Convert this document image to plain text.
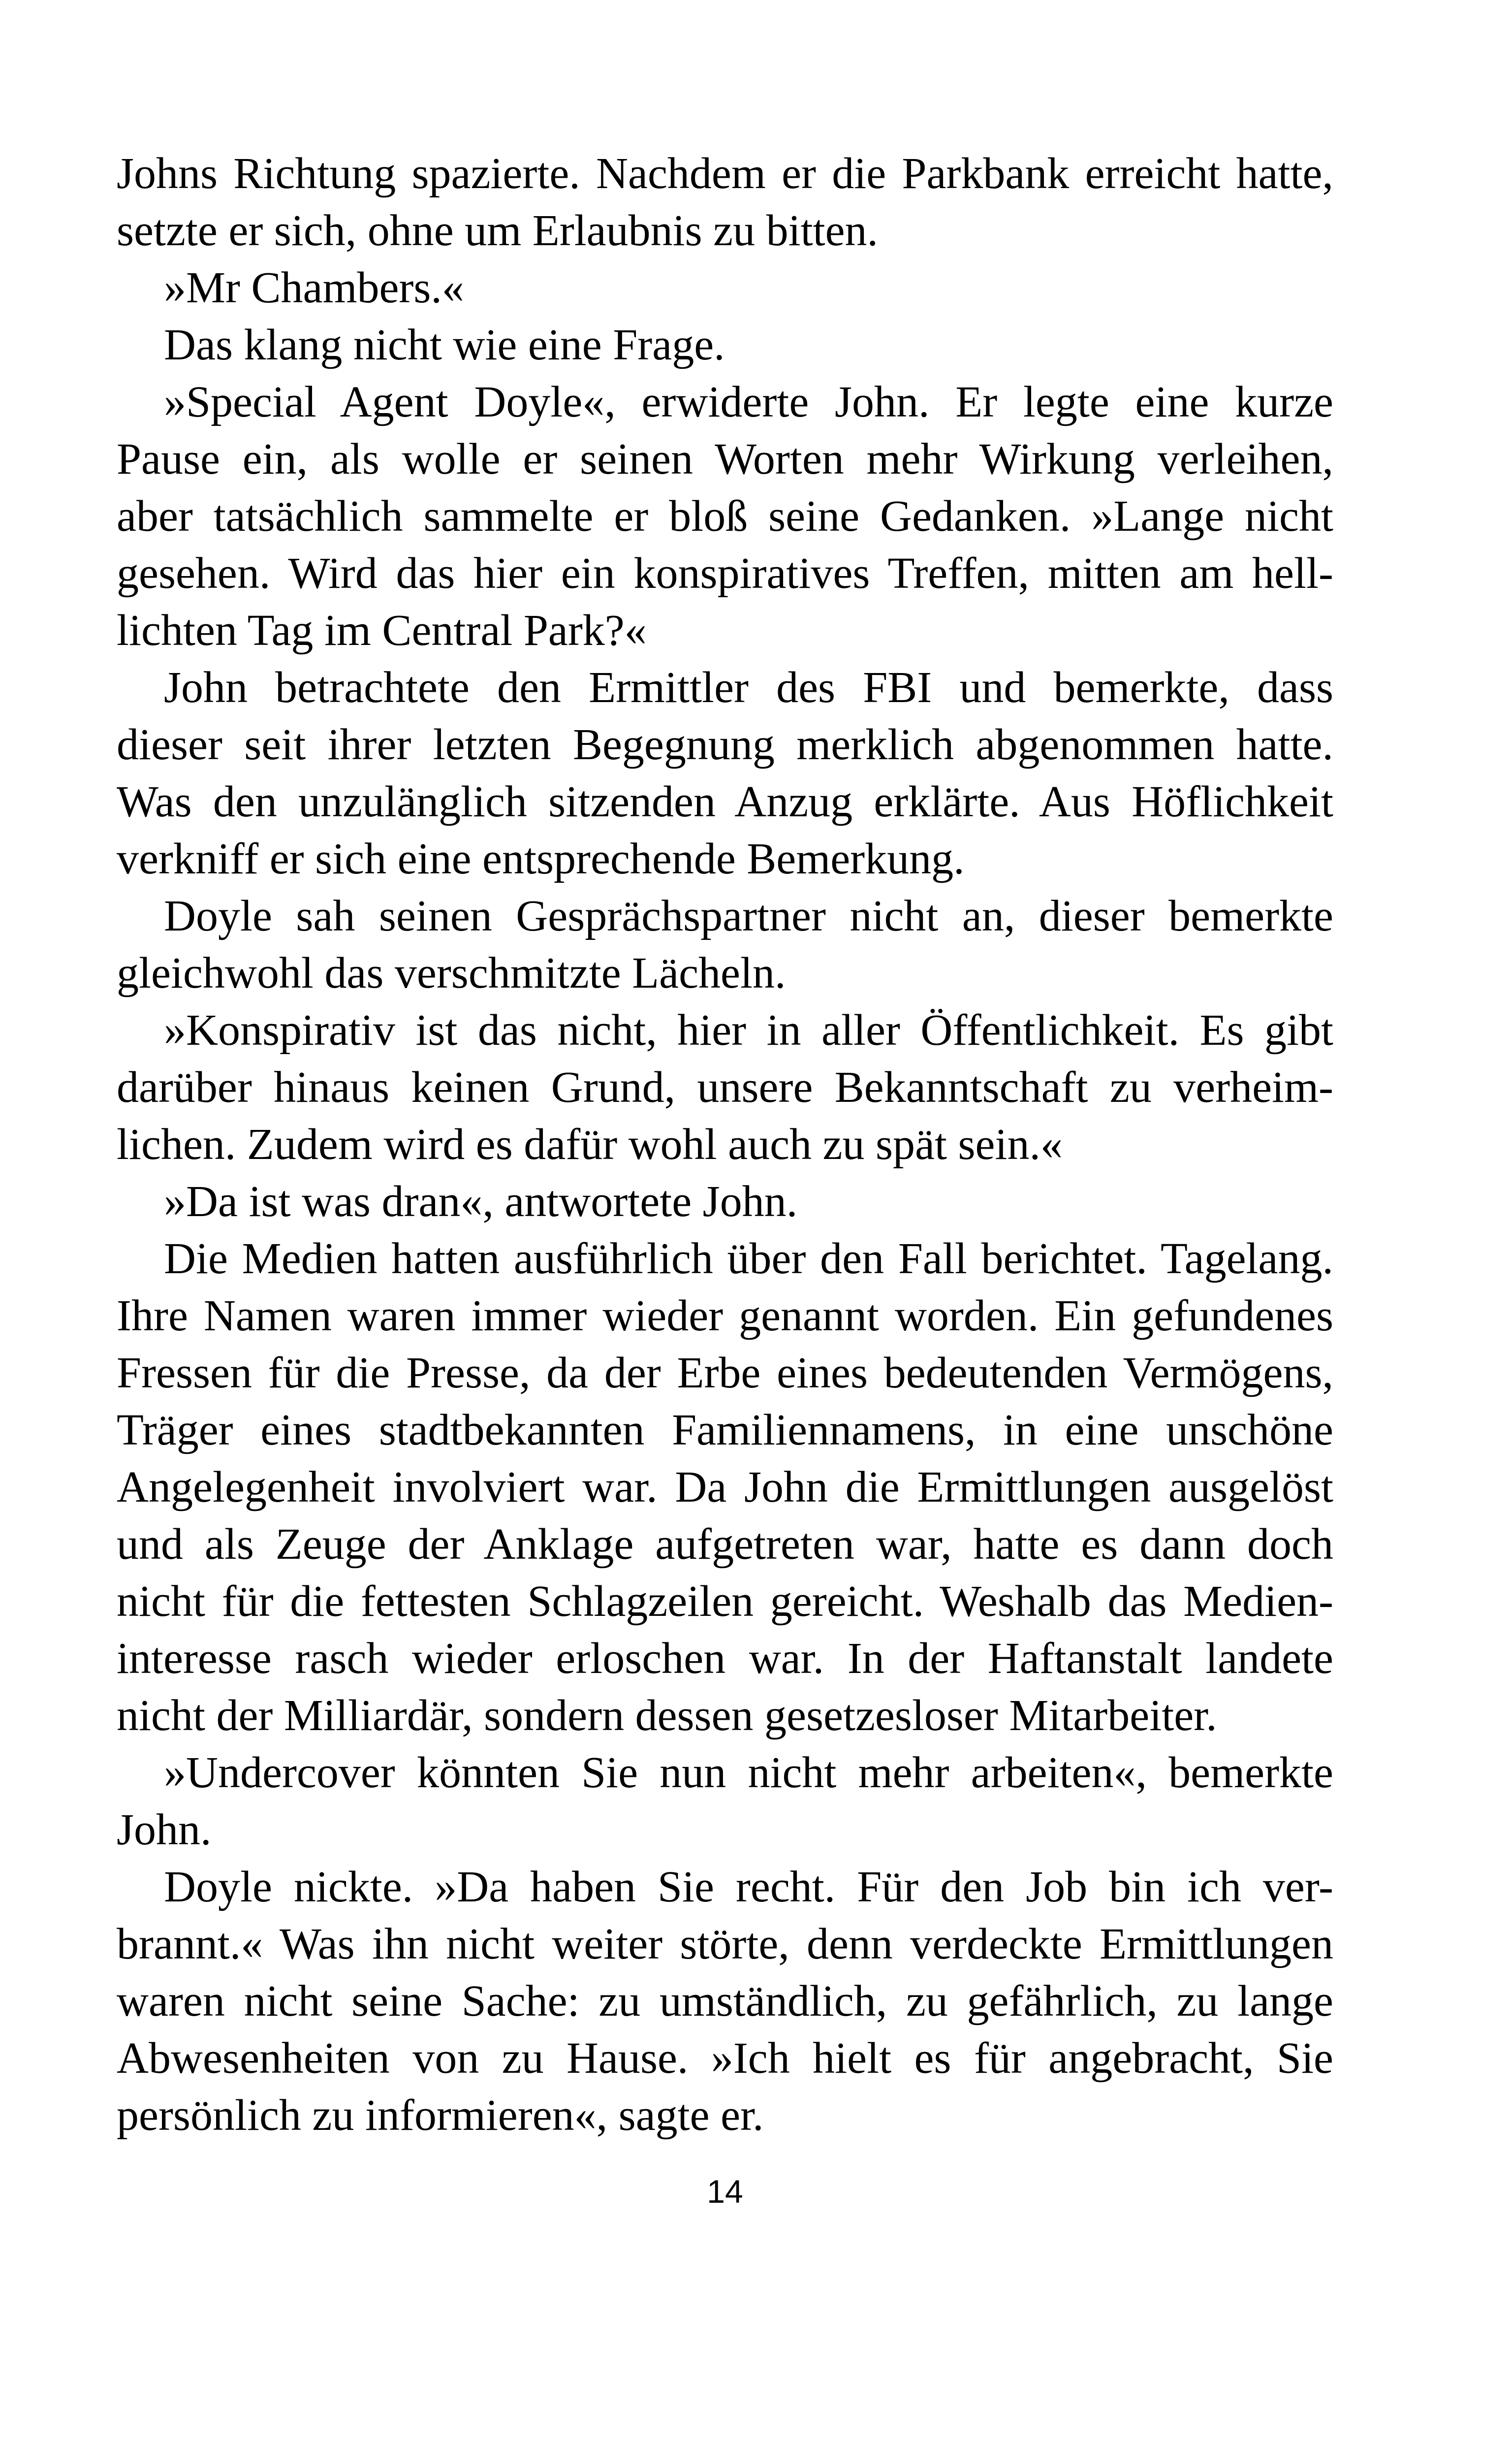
Johns Richtung spazierte. Nachdem er die Parkbank erreicht hatte,
setzte er sich, ohne um Erlaubnis zu bitten.
»Mr Chambers.«
Das klang nicht wie eine Frage.
»Special Agent Doyle«, erwiderte John. Er legte eine kurze
Pause ein, als wolle er seinen Worten mehr Wirkung verleihen,
aber tatsächlich sammelte er bloß seine Gedanken. »Lange nicht
gesehen. Wird das hier ein konspiratives Treffen, mitten am hell-
lichten Tag im Central Park?«
John betrachtete den Ermittler des FBI und bemerkte, dass
dieser seit ihrer letzten Begegnung merklich abgenommen hatte.
Was den unzulänglich sitzenden Anzug erklärte. Aus Höflichkeit
verkniff er sich eine entsprechende Bemerkung.
Doyle sah seinen Gesprächspartner nicht an, dieser bemerkte
gleichwohl das verschmitzte Lächeln.
»Konspirativ ist das nicht, hier in aller Öffentlichkeit. Es gibt
darüber hinaus keinen Grund, unsere Bekanntschaft zu verheim-
lichen. Zudem wird es dafür wohl auch zu spät sein.«
»Da ist was dran«, antwortete John.
Die Medien hatten ausführlich über den Fall berichtet. Tagelang.
Ihre Namen waren immer wieder genannt worden. Ein gefundenes
Fressen für die Presse, da der Erbe eines bedeutenden Vermögens,
Träger eines stadtbekannten Familiennamens, in eine unschöne
Angelegenheit involviert war. Da John die Ermittlungen ausgelöst
und als Zeuge der Anklage aufgetreten war, hatte es dann doch
nicht für die fettesten Schlagzeilen gereicht. Weshalb das Medien-
interesse rasch wieder erloschen war. In der Haftanstalt landete
nicht der Milliardär, sondern dessen gesetzesloser Mitarbeiter.
»Undercover könnten Sie nun nicht mehr arbeiten«, bemerkte
John.
Doyle nickte. »Da haben Sie recht. Für den Job bin ich ver-
brannt.« Was ihn nicht weiter störte, denn verdeckte Ermittlungen
waren nicht seine Sache: zu umständlich, zu gefährlich, zu lange
Abwesenheiten von zu Hause. »Ich hielt es für angebracht, Sie
persönlich zu informieren«, sagte er.
14
